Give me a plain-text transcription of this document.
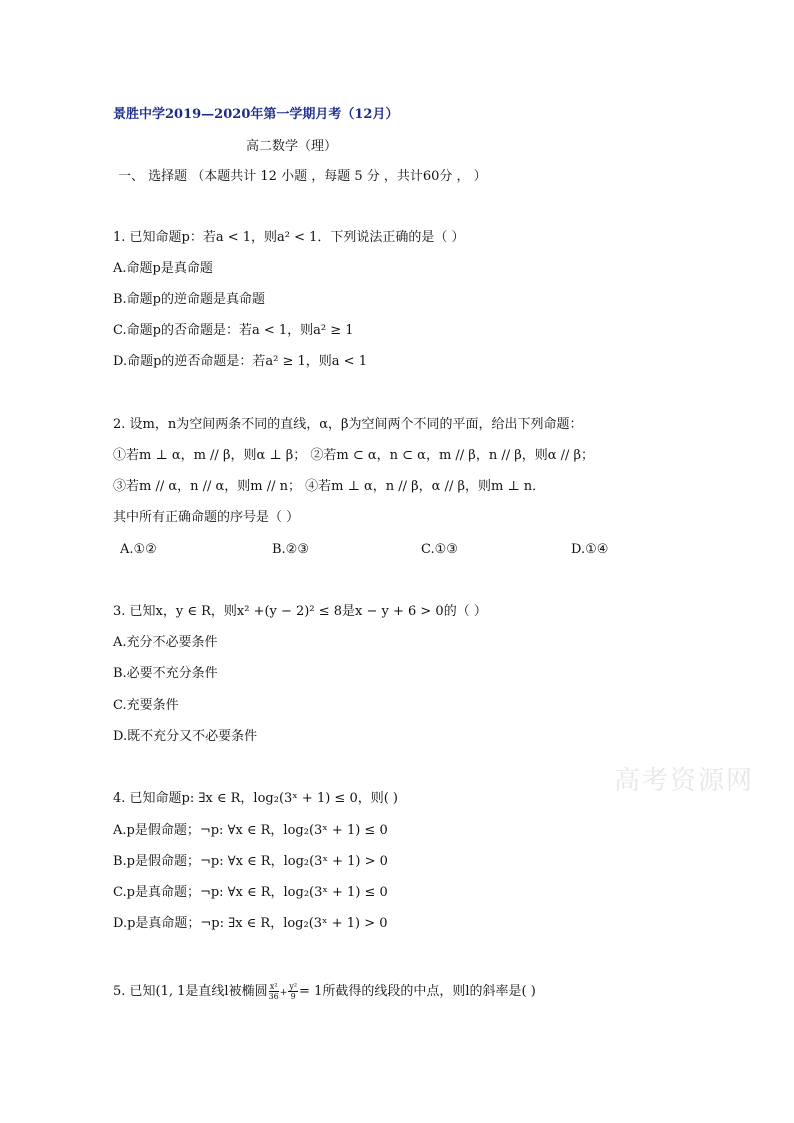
景胜中学2019—2020年第一学期月考（12月）
高二数学（理）
一、 选择题 （本题共计 12 小题 ，每题 5 分 ，共计60分 ， ）
1. 已知命题p：若a < 1，则a² < 1．下列说法正确的是（ ）
A.命题p是真命题
B.命题p的逆命题是真命题
C.命题p的否命题是：若a < 1，则a² ≥ 1
D.命题p的逆否命题是：若a² ≥ 1，则a < 1
2. 设m，n为空间两条不同的直线，α，β为空间两个不同的平面，给出下列命题：
①若m ⊥ α，m // β，则α ⊥ β； ②若m ⊂ α，n ⊂ α，m // β，n // β，则α // β；
③若m // α，n // α，则m // n； ④若m ⊥ α，n // β，α // β，则m ⊥ n．
其中所有正确命题的序号是（ ）
A.①②	B.②③	C.①③	D.①④
3. 已知x，y ∈ R，则x² +(y − 2)² ≤ 8是x − y + 6 > 0的（ ）
A.充分不必要条件
B.必要不充分条件
C.充要条件
D.既不充分又不必要条件
高考资源网
4. 已知命题p: ∃x ∈ R，log₂(3ˣ + 1) ≤ 0，则( )
A.p是假命题；¬p: ∀x ∈ R，log₂(3ˣ + 1) ≤ 0
B.p是假命题；¬p: ∀x ∈ R，log₂(3ˣ + 1) > 0
C.p是真命题；¬p: ∀x ∈ R，log₂(3ˣ + 1) ≤ 0
D.p是真命题；¬p: ∃x ∈ R，log₂(3ˣ + 1) > 0
5. 已知(1, 1是直线l被椭圆 $\frac{\text{x²}}{36} + \frac{\text{y²}}{9} = 1$所截得的线段的中点，则l的斜率是( )
